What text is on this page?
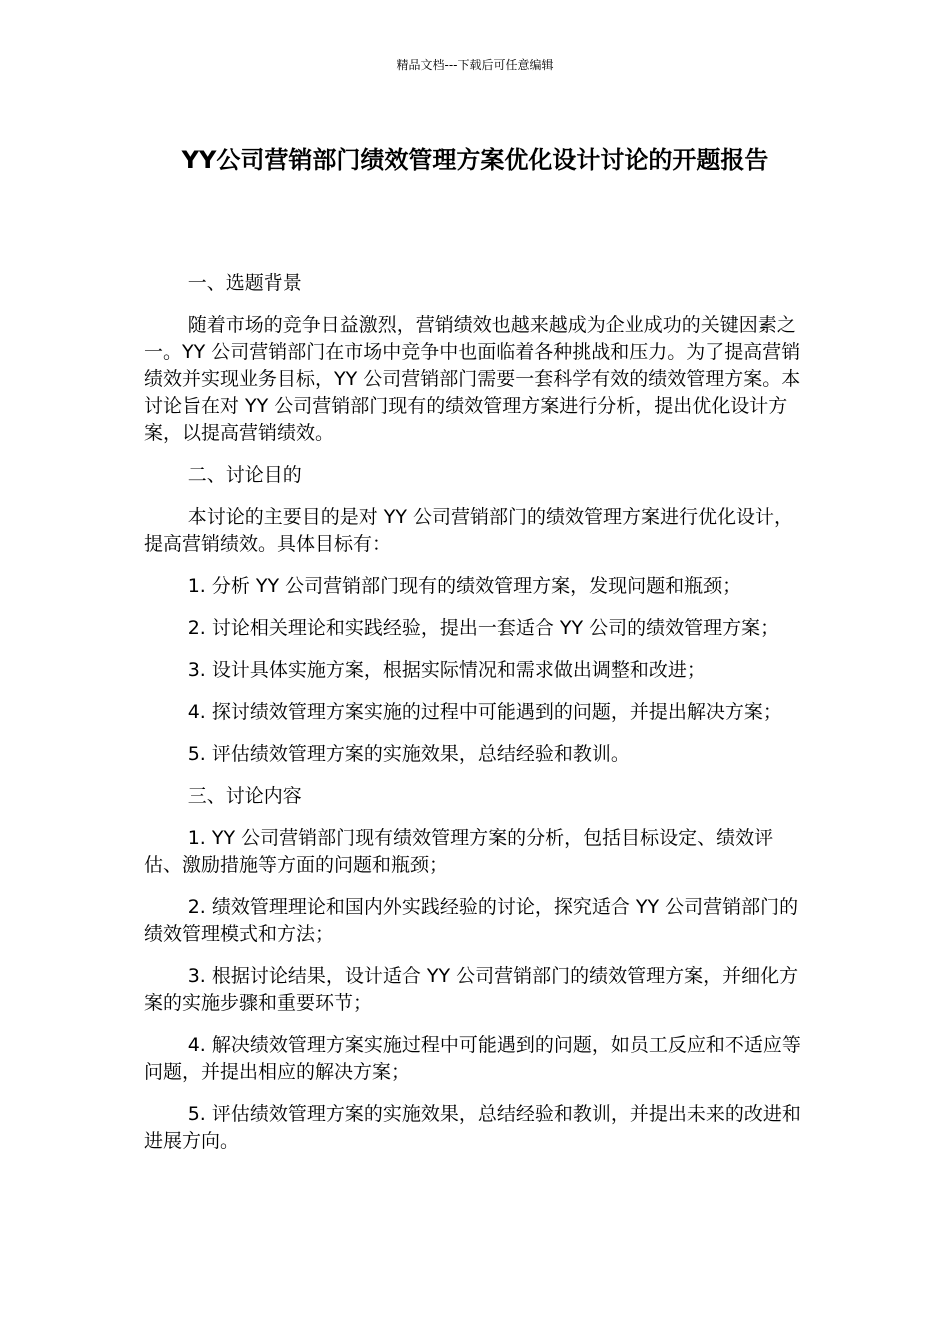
精品文档---下载后可任意编辑
YY公司营销部门绩效管理方案优化设计讨论的开题报告

一、选题背景

随着市场的竞争日益激烈，营销绩效也越来越成为企业成功的关键因素之一。YY 公司营销部门在市场中竞争中也面临着各种挑战和压力。为了提高营销绩效并实现业务目标，YY 公司营销部门需要一套科学有效的绩效管理方案。本讨论旨在对 YY 公司营销部门现有的绩效管理方案进行分析，提出优化设计方案，以提高营销绩效。

二、讨论目的

本讨论的主要目的是对 YY 公司营销部门的绩效管理方案进行优化设计，提高营销绩效。具体目标有：

1. 分析 YY 公司营销部门现有的绩效管理方案，发现问题和瓶颈；

2. 讨论相关理论和实践经验，提出一套适合 YY 公司的绩效管理方案；

3. 设计具体实施方案，根据实际情况和需求做出调整和改进；

4. 探讨绩效管理方案实施的过程中可能遇到的问题，并提出解决方案；

5. 评估绩效管理方案的实施效果，总结经验和教训。

三、讨论内容

1. YY 公司营销部门现有绩效管理方案的分析，包括目标设定、绩效评估、激励措施等方面的问题和瓶颈；

2. 绩效管理理论和国内外实践经验的讨论，探究适合 YY 公司营销部门的绩效管理模式和方法；

3. 根据讨论结果，设计适合 YY 公司营销部门的绩效管理方案，并细化方案的实施步骤和重要环节；

4. 解决绩效管理方案实施过程中可能遇到的问题，如员工反应和不适应等问题，并提出相应的解决方案；

5. 评估绩效管理方案的实施效果，总结经验和教训，并提出未来的改进和进展方向。
